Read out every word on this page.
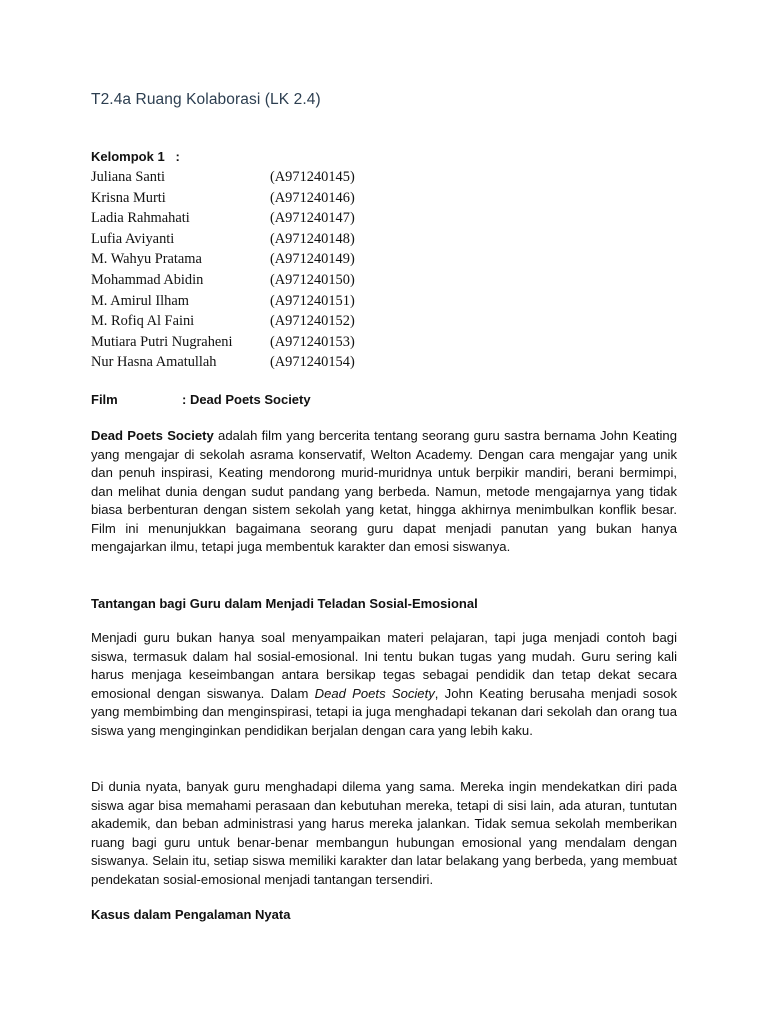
T2.4a Ruang Kolaborasi (LK 2.4)
Kelompok 1   :
Juliana Santi	(A971240145)
Krisna Murti	(A971240146)
Ladia Rahmahati	(A971240147)
Lufia Aviyanti	(A971240148)
M. Wahyu Pratama	(A971240149)
Mohammad Abidin	(A971240150)
M. Amirul Ilham	(A971240151)
M. Rofiq Al Faini	(A971240152)
Mutiara Putri Nugraheni	(A971240153)
Nur Hasna Amatullah	(A971240154)
Film	: Dead Poets Society

Dead Poets Society adalah film yang bercerita tentang seorang guru sastra bernama John Keating yang mengajar di sekolah asrama konservatif, Welton Academy. Dengan cara mengajar yang unik dan penuh inspirasi, Keating mendorong murid-muridnya untuk berpikir mandiri, berani bermimpi, dan melihat dunia dengan sudut pandang yang berbeda. Namun, metode mengajarnya yang tidak biasa berbenturan dengan sistem sekolah yang ketat, hingga akhirnya menimbulkan konflik besar. Film ini menunjukkan bagaimana seorang guru dapat menjadi panutan yang bukan hanya mengajarkan ilmu, tetapi juga membentuk karakter dan emosi siswanya.

Tantangan bagi Guru dalam Menjadi Teladan Sosial-Emosional

Menjadi guru bukan hanya soal menyampaikan materi pelajaran, tapi juga menjadi contoh bagi siswa, termasuk dalam hal sosial-emosional. Ini tentu bukan tugas yang mudah. Guru sering kali harus menjaga keseimbangan antara bersikap tegas sebagai pendidik dan tetap dekat secara emosional dengan siswanya. Dalam Dead Poets Society, John Keating berusaha menjadi sosok yang membimbing dan menginspirasi, tetapi ia juga menghadapi tekanan dari sekolah dan orang tua siswa yang menginginkan pendidikan berjalan dengan cara yang lebih kaku.

Di dunia nyata, banyak guru menghadapi dilema yang sama. Mereka ingin mendekatkan diri pada siswa agar bisa memahami perasaan dan kebutuhan mereka, tetapi di sisi lain, ada aturan, tuntutan akademik, dan beban administrasi yang harus mereka jalankan. Tidak semua sekolah memberikan ruang bagi guru untuk benar-benar membangun hubungan emosional yang mendalam dengan siswanya. Selain itu, setiap siswa memiliki karakter dan latar belakang yang berbeda, yang membuat pendekatan sosial-emosional menjadi tantangan tersendiri.

Kasus dalam Pengalaman Nyata
